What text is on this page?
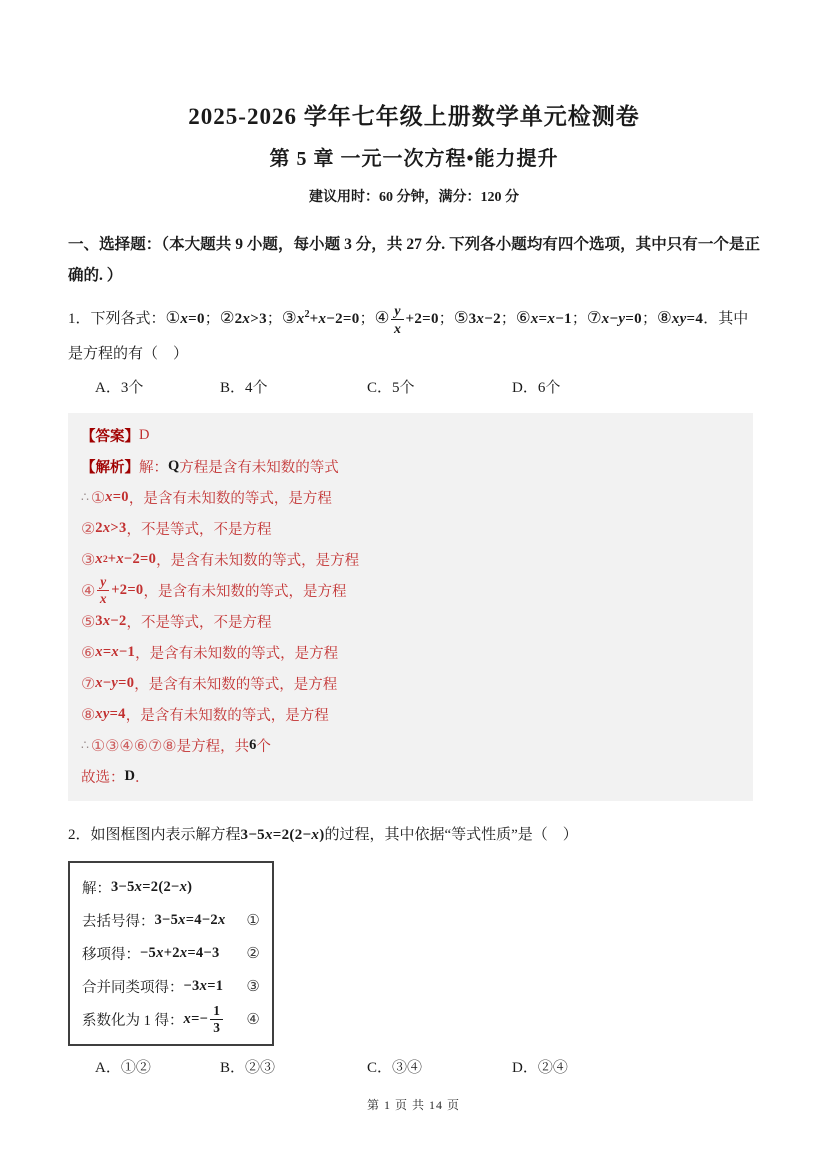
2025-2026 学年七年级上册数学单元检测卷
第 5 章 一元一次方程•能力提升
建议用时：60 分钟，满分：120 分
一、选择题：（本大题共 9 小题，每小题 3 分，共 27 分. 下列各小题均有四个选项，其中只有一个是正确的. ）
1．下列各式：①x=0；②2x>3；$③x^2+x-2=0$；④ $\frac{y}{x} +2=0$；⑤3x−2；⑥x=x−1；⑦x−y=0；⑧xy=4．其中是方程的有（　）
A．3个	B．4个	C．5个	D．6个
【答案】 D
【解析】 解： Q 方程是含有未知数的等式
∴ ① x=0 ，是含有未知数的等式，是方程
② 2x>3 ，不是等式，不是方程
③ x 2 +x−2=0 ，是含有未知数的等式，是方程
④ $\frac{y}{x} +2=0$ ，是含有未知数的等式，是方程
⑤ 3x−2 ，不是等式，不是方程
⑥ x=x−1 ，是含有未知数的等式，是方程
⑦ x−y=0 ，是含有未知数的等式，是方程
⑧ xy=4 ，是含有未知数的等式，是方程
∴ ①③④⑥⑦⑧ 是方程，共 6 个
故选： D ．
2．如图框图内表示解方程3−5x=2(2−x)的过程，其中依据“等式性质”是（　）
解： 3−5x=2(2−x)
去括号得： 3−5x=4−2x ①
移项得： −5x+2x=4−3 ②
合并同类项得： −3x=1 ③
系数化为 1 得： $x=- \frac{1}{3}$ ④
A．①②	B．②③	C．③④	D．②④
第 1 页 共 14 页
